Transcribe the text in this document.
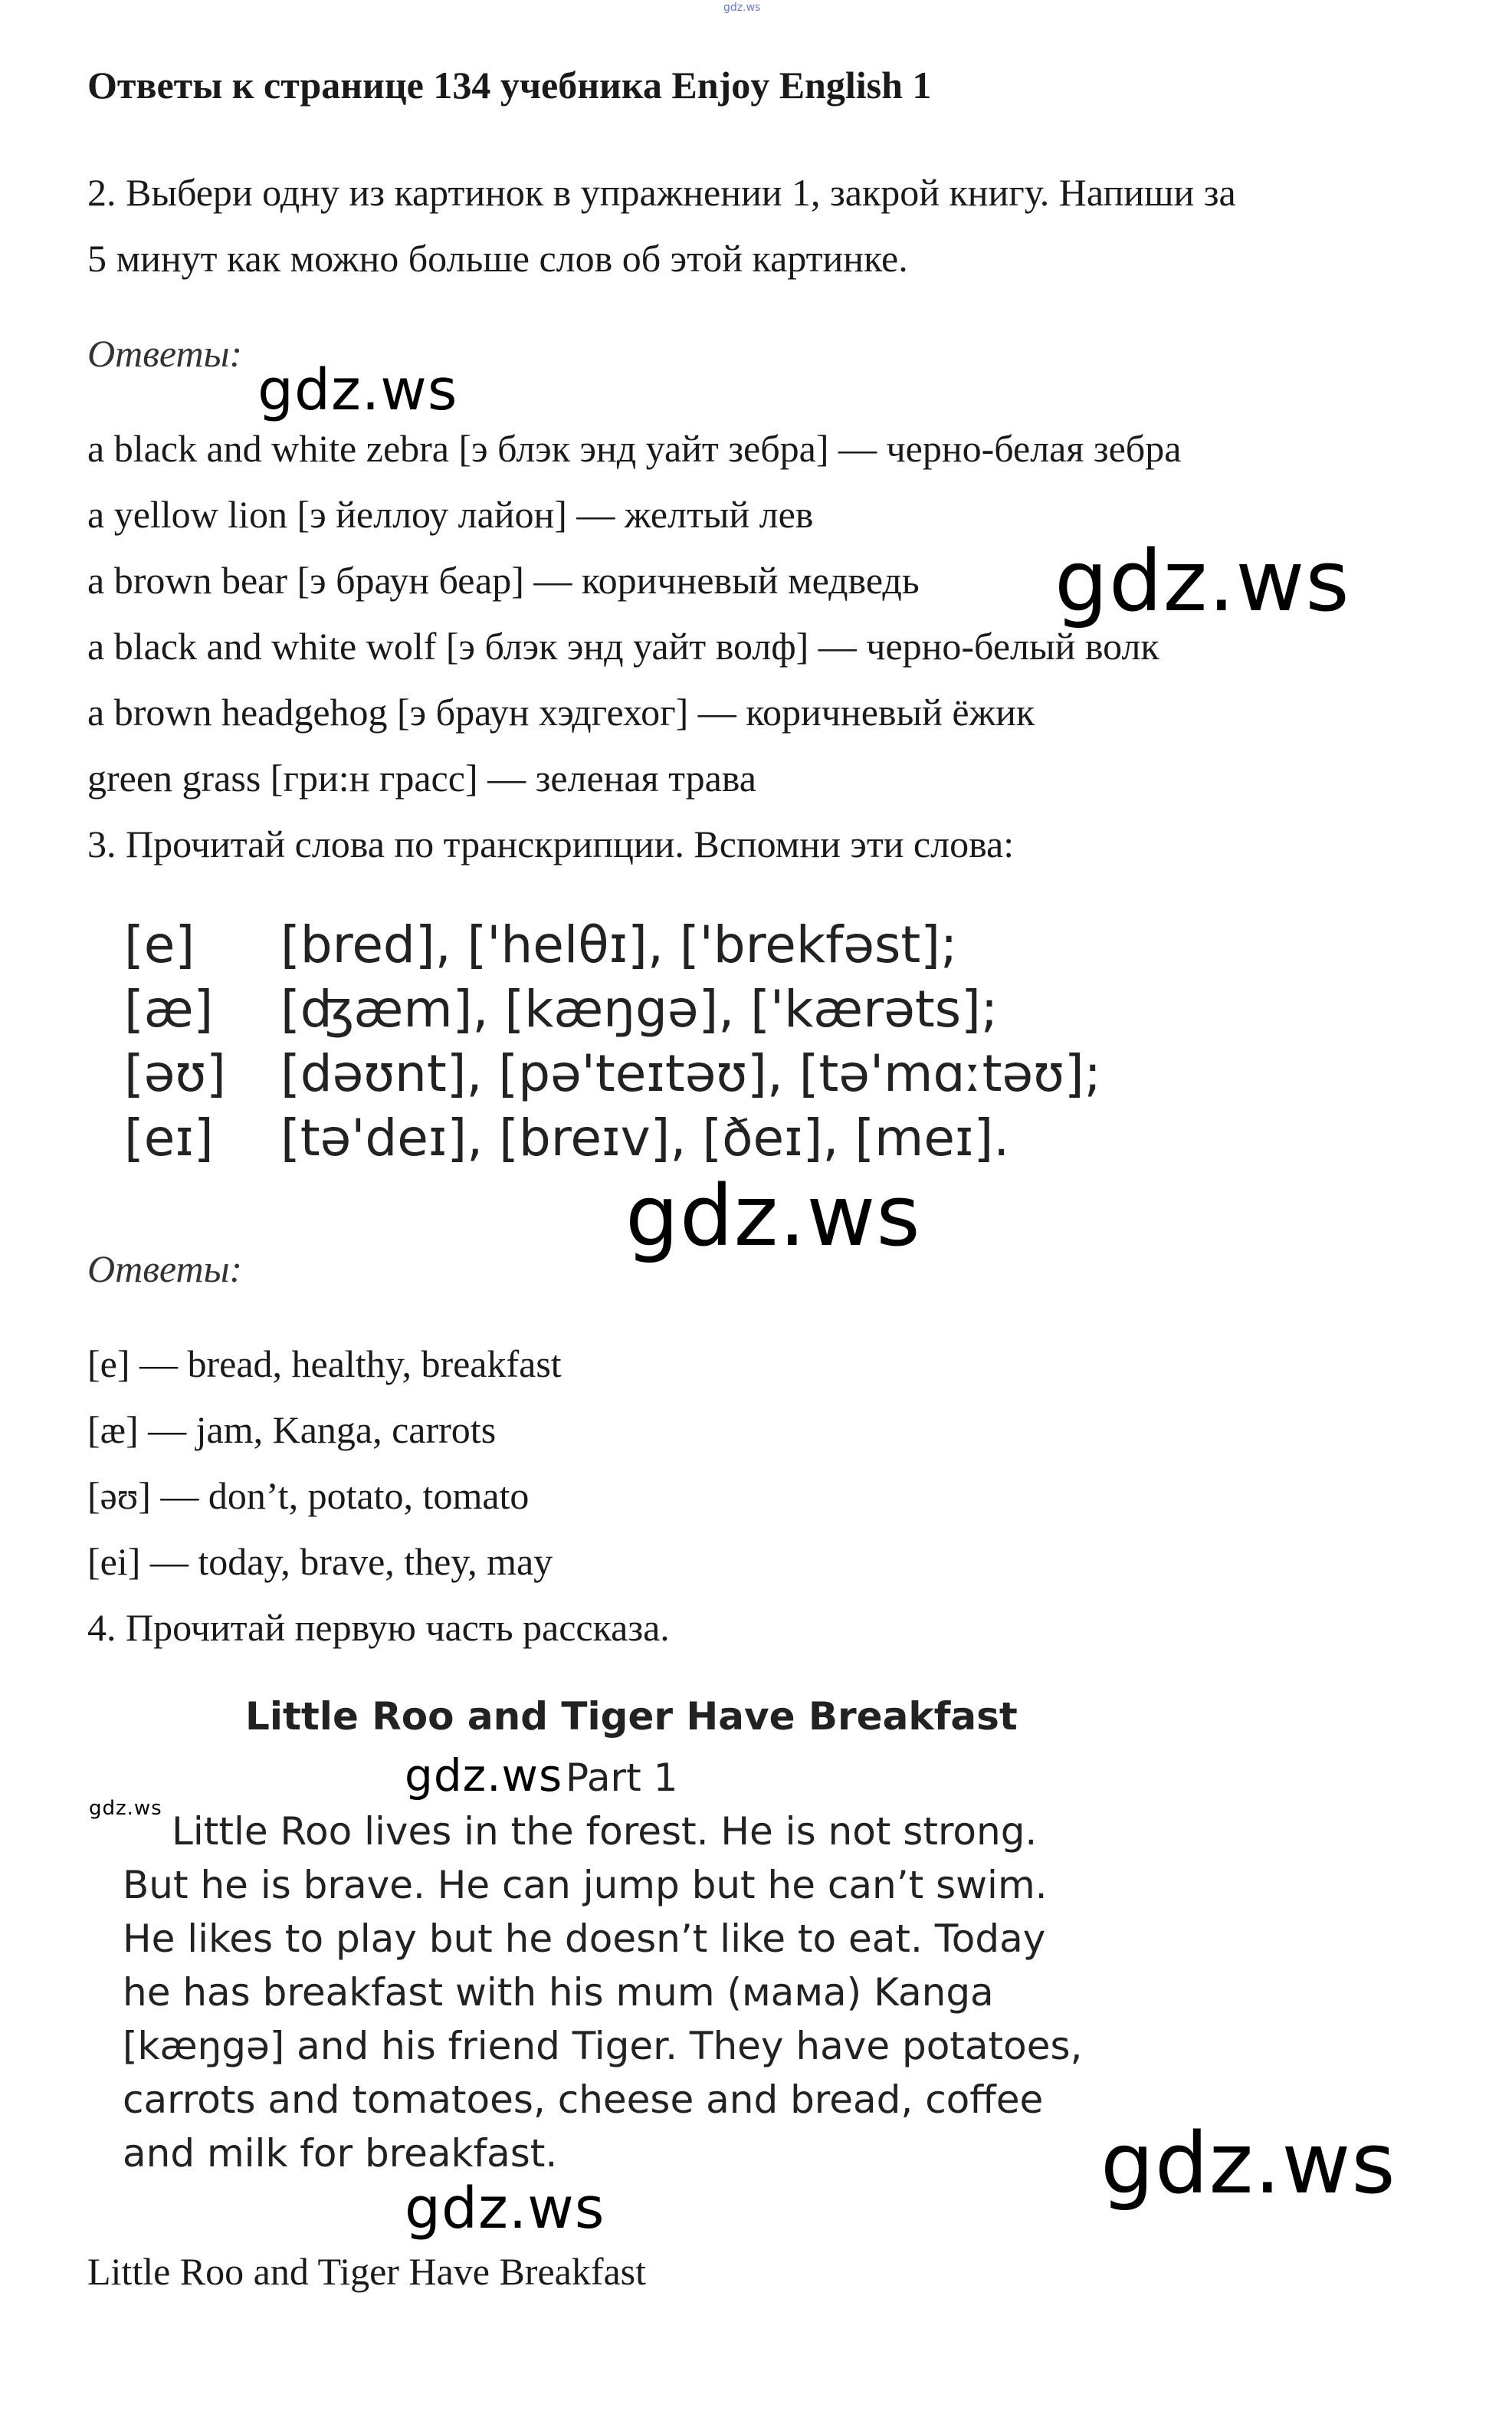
gdz.ws
Ответы к странице 134 учебника Enjoy English 1
2. Выбери одну из картинок в упражнении 1, закрой книгу. Напиши за
5 минут как можно больше слов об этой картинке.
Ответы:
a black and white zebra [э блэк энд уайт зебра] — черно-белая зебра
a yellow lion [э йеллоу лайон] — желтый лев
a brown bear [э браун беар] — коричневый медведь
a black and white wolf [э блэк энд уайт волф] — черно-белый волк
a brown headgehog [э браун хэдгехог] — коричневый ёжик
green grass [гри:н грасс] — зеленая трава
3. Прочитай слова по транскрипции. Вспомни эти слова:
[e] [bred], ['helθɪ], ['brekfəst];
[æ] [ʤæm], [kæŋgə], ['kærəts];
[əʊ] [dəʊnt], [pə'teɪtəʊ], [tə'mɑːtəʊ];
[eɪ] [tə'deɪ], [breɪv], [ðeɪ], [meɪ].
Ответы:
[e] — bread, healthy, breakfast
[æ] — jam, Kanga, carrots
[əʊ] — don’t, potato, tomato
[ei] — today, brave, they, may
4. Прочитай первую часть рассказа.
Little Roo and Tiger Have Breakfast
Part 1
Little Roo lives in the forest. He is not strong.
But he is brave. He can jump but he can’t swim.
He likes to play but he doesn’t like to eat. Today
he has breakfast with his mum (мама) Kanga
[kæŋgə] and his friend Tiger. They have potatoes,
carrots and tomatoes, cheese and bread, coffee
and milk for breakfast.
Little Roo and Tiger Have Breakfast
gdz.ws
gdz.ws
gdz.ws
gdz.ws
gdz.ws
gdz.ws
gdz.ws
